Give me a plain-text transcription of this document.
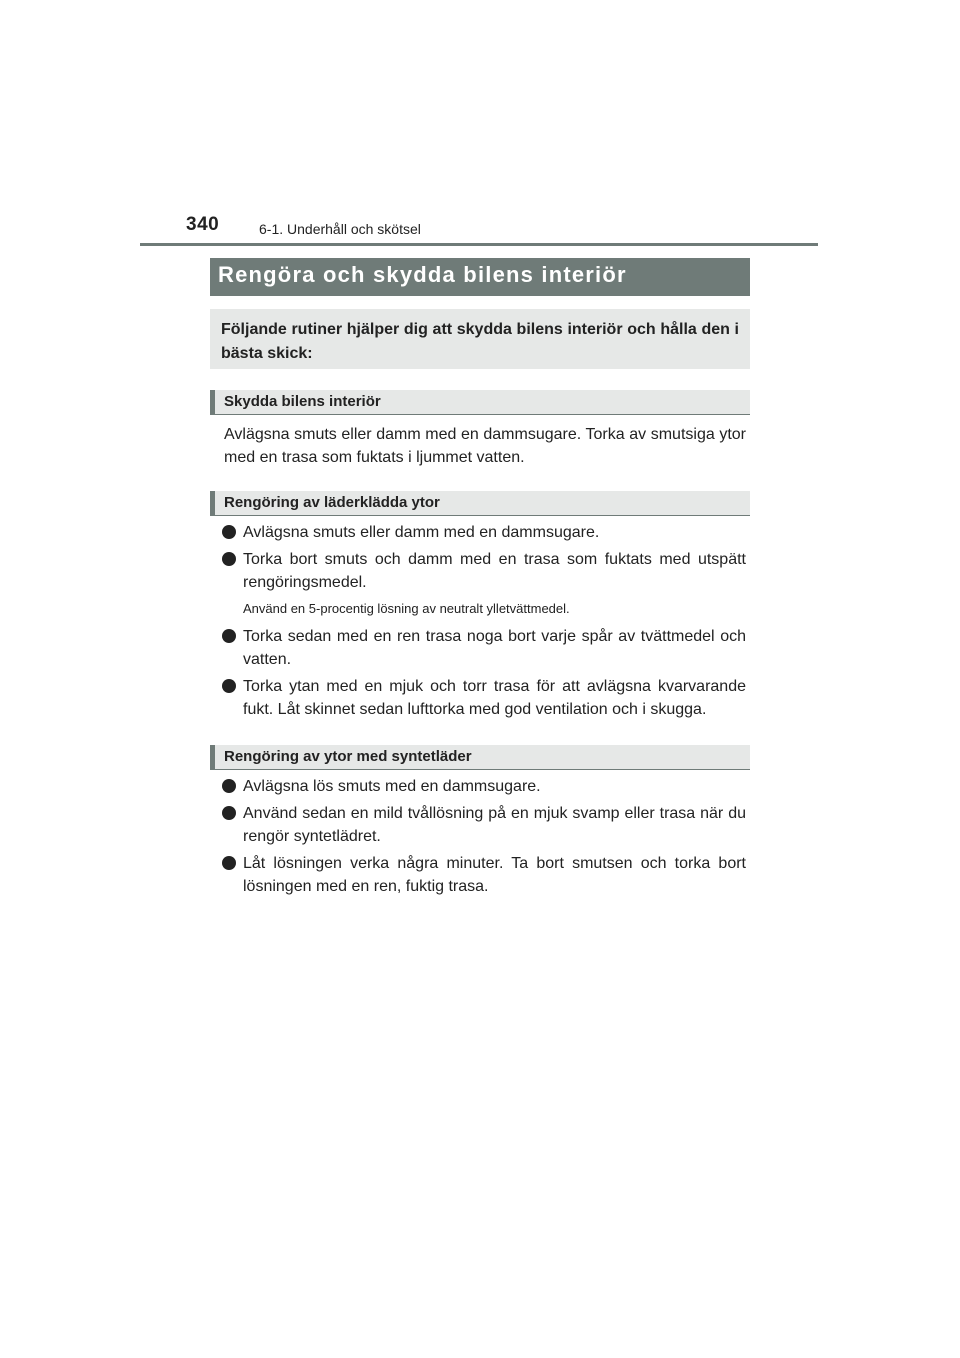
340	6-1. Underhåll och skötsel
Rengöra och skydda bilens interiör

Följande rutiner hjälper dig att skydda bilens interiör och hålla den i bästa skick:

Skydda bilens interiör

Avlägsna smuts eller damm med en dammsugare. Torka av smutsiga ytor med en trasa som fuktats i ljummet vatten.

Rengöring av läderklädda ytor
Avlägsna smuts eller damm med en dammsugare.
Torka bort smuts och damm med en trasa som fuktats med utspätt rengöringsmedel.
Använd en 5-procentig lösning av neutralt ylletvättmedel.
Torka sedan med en ren trasa noga bort varje spår av tvättmedel och vatten.
Torka ytan med en mjuk och torr trasa för att avlägsna kvarvarande fukt. Låt skinnet sedan lufttorka med god ventilation och i skugga.
Rengöring av ytor med syntetläder
Avlägsna lös smuts med en dammsugare.
Använd sedan en mild tvållösning på en mjuk svamp eller trasa när du rengör syntetlädret.
Låt lösningen verka några minuter. Ta bort smutsen och torka bort lösningen med en ren, fuktig trasa.
